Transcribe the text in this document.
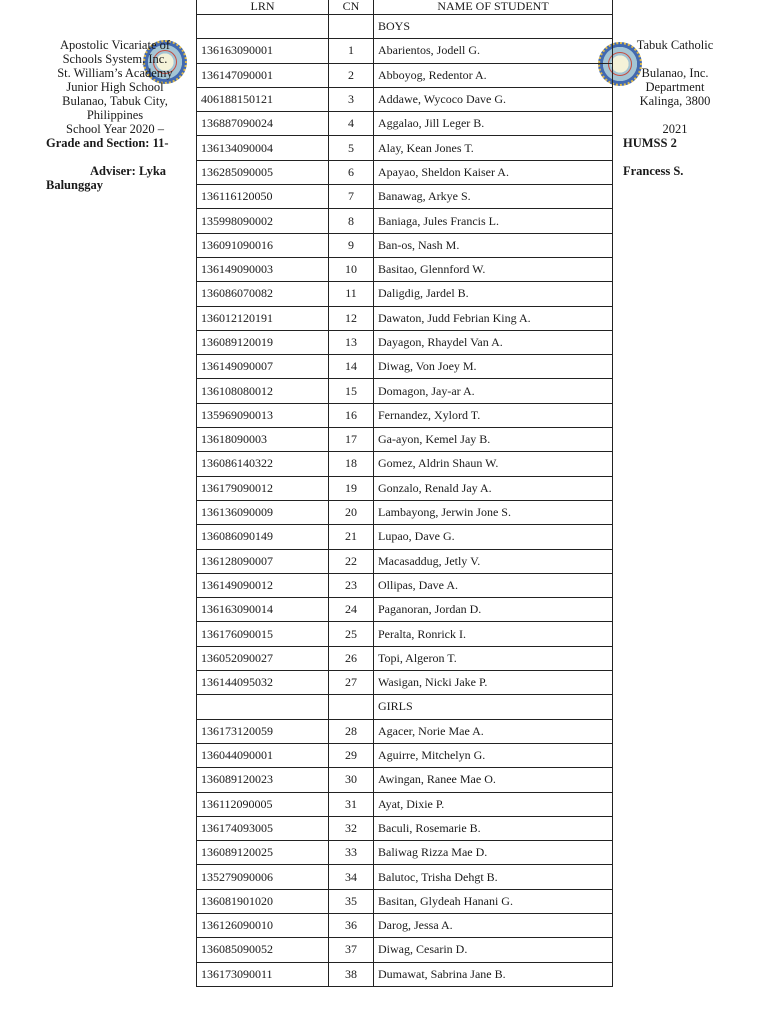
Apostolic Vicariate of
Schools System, Inc.
St. William’s Academy
Junior High School
Bulanao, Tabuk City,
Philippines
School Year 2020 –
Grade and Section: 11-
Adviser: Lyka
Balunggay
Tabuk Catholic

Bulanao, Inc.
Department
Kalinga, 3800

2021
HUMSS 2
Francess S.
LRN	CN	NAME OF STUDENT
		BOYS
136163090001	1	Abarientos, Jodell G.
136147090001	2	Abboyog, Redentor A.
406188150121	3	Addawe, Wycoco Dave G.
136887090024	4	Aggalao, Jill Leger B.
136134090004	5	Alay, Kean Jones T.
136285090005	6	Apayao, Sheldon Kaiser A.
136116120050	7	Banawag, Arkye S.
135998090002	8	Baniaga, Jules Francis L.
136091090016	9	Ban-os, Nash M.
136149090003	10	Basitao, Glennford W.
136086070082	11	Daligdig, Jardel B.
136012120191	12	Dawaton, Judd Febrian King A.
136089120019	13	Dayagon, Rhaydel Van A.
136149090007	14	Diwag, Von Joey M.
136108080012	15	Domagon, Jay-ar A.
135969090013	16	Fernandez, Xylord T.
13618090003	17	Ga-ayon, Kemel Jay B.
136086140322	18	Gomez, Aldrin Shaun W.
136179090012	19	Gonzalo, Renald Jay A.
136136090009	20	Lambayong, Jerwin Jone S.
136086090149	21	Lupao, Dave G.
136128090007	22	Macasaddug, Jetly V.
136149090012	23	Ollipas, Dave A.
136163090014	24	Paganoran, Jordan D.
136176090015	25	Peralta, Ronrick I.
136052090027	26	Topi, Algeron T.
136144095032	27	Wasigan, Nicki Jake P.
		GIRLS
136173120059	28	Agacer, Norie Mae A.
136044090001	29	Aguirre, Mitchelyn G.
136089120023	30	Awingan, Ranee Mae O.
136112090005	31	Ayat, Dixie P.
136174093005	32	Baculi, Rosemarie B.
136089120025	33	Baliwag Rizza Mae D.
135279090006	34	Balutoc, Trisha Dehgt B.
136081901020	35	Basitan, Glydeah Hanani G.
136126090010	36	Darog, Jessa A.
136085090052	37	Diwag, Cesarin D.
136173090011	38	Dumawat, Sabrina Jane B.
